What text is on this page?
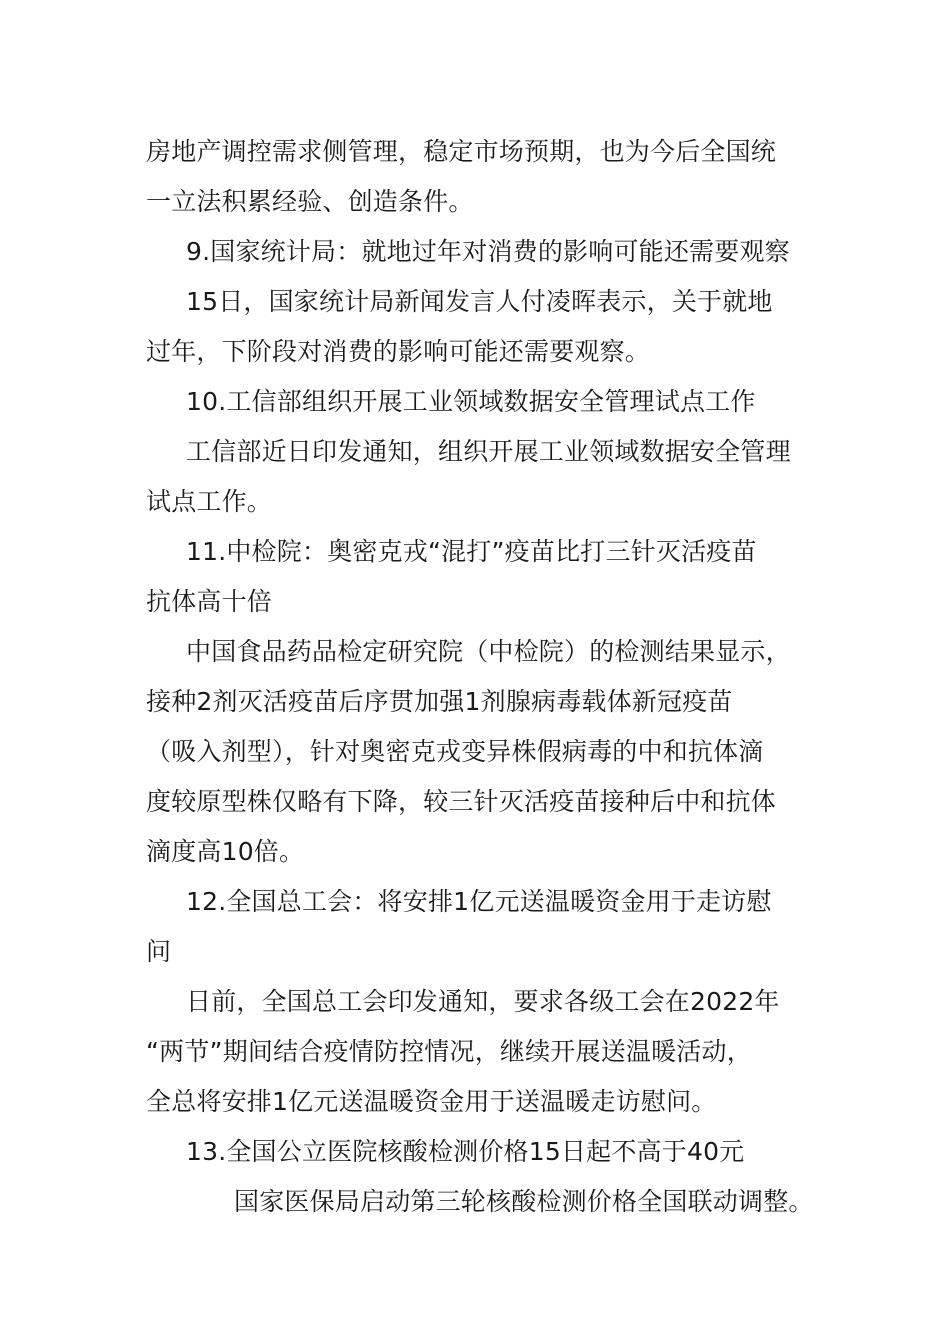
房地产调控需求侧管理，稳定市场预期，也为今后全国统
一立法积累经验、创造条件。
9.国家统计局：就地过年对消费的影响可能还需要观察
15日，国家统计局新闻发言人付凌晖表示，关于就地
过年，下阶段对消费的影响可能还需要观察。
10.工信部组织开展工业领域数据安全管理试点工作
工信部近日印发通知，组织开展工业领域数据安全管理
试点工作。
11.中检院：奥密克戎“混打”疫苗比打三针灭活疫苗
抗体高十倍
中国食品药品检定研究院（中检院）的检测结果显示，
接种2剂灭活疫苗后序贯加强1剂腺病毒载体新冠疫苗
（吸入剂型），针对奥密克戎变异株假病毒的中和抗体滴
度较原型株仅略有下降，较三针灭活疫苗接种后中和抗体
滴度高10倍。
12.全国总工会：将安排1亿元送温暖资金用于走访慰
问
日前，全国总工会印发通知，要求各级工会在2022年
“两节”期间结合疫情防控情况，继续开展送温暖活动，
全总将安排1亿元送温暖资金用于送温暖走访慰问。
13.全国公立医院核酸检测价格15日起不高于40元
国家医保局启动第三轮核酸检测价格全国联动调整。
